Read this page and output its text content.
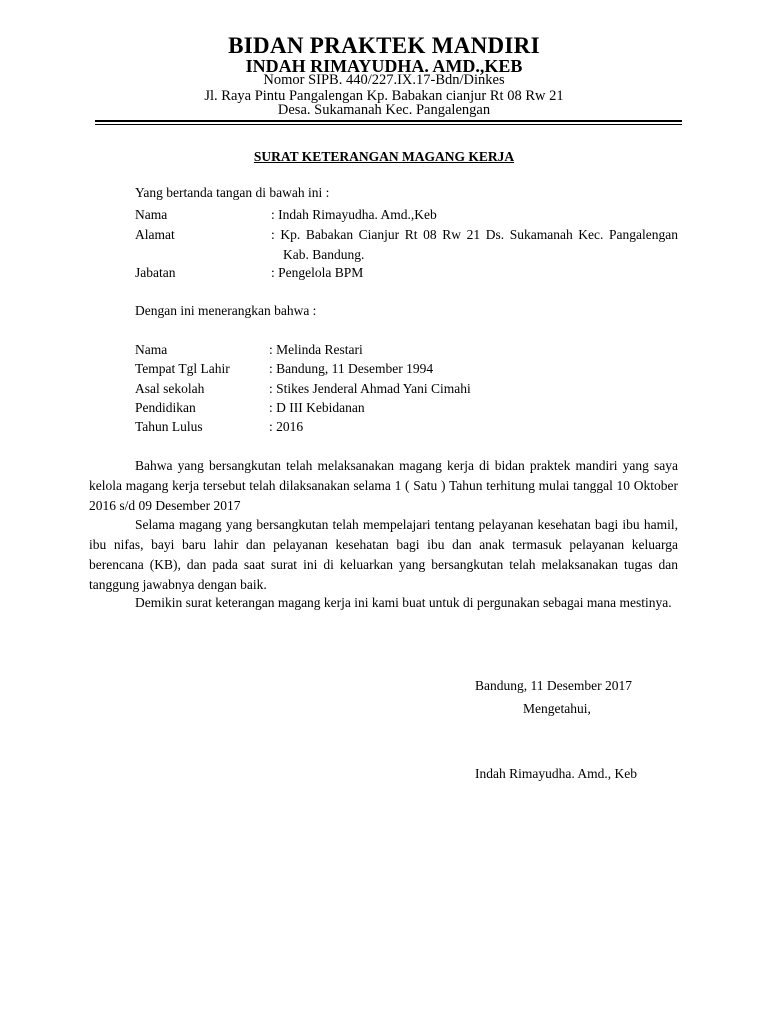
BIDAN PRAKTEK MANDIRI
INDAH RIMAYUDHA. AMD.,KEB
Nomor SIPB. 440/227.IX.17-Bdn/Dinkes
Jl. Raya Pintu Pangalengan Kp. Babakan cianjur Rt 08 Rw 21
Desa. Sukamanah Kec. Pangalengan
SURAT KETERANGAN MAGANG KERJA
Yang bertanda tangan di bawah ini :
Nama	: Indah Rimayudha. Amd.,Keb
Alamat	: Kp. Babakan Cianjur Rt 08 Rw 21 Ds. Sukamanah Kec. Pangalengan
Kab. Bandung.
Jabatan	: Pengelola BPM
Dengan ini menerangkan bahwa :
Nama	: Melinda Restari
Tempat Tgl Lahir	: Bandung, 11 Desember 1994
Asal sekolah	: Stikes Jenderal Ahmad Yani Cimahi
Pendidikan	: D III Kebidanan
Tahun Lulus	: 2016
Bahwa yang bersangkutan telah melaksanakan magang kerja di bidan praktek mandiri yang saya
kelola magang kerja tersebut telah dilaksanakan selama 1 ( Satu ) Tahun terhitung mulai tanggal 10 Oktober
2016 s/d 09 Desember 2017
Selama magang yang bersangkutan telah mempelajari tentang pelayanan kesehatan bagi ibu hamil,
ibu nifas, bayi baru lahir dan pelayanan kesehatan bagi ibu dan anak termasuk pelayanan keluarga
berencana (KB), dan pada saat surat ini di keluarkan yang bersangkutan telah melaksanakan tugas dan
tanggung jawabnya dengan baik.
Demikin surat keterangan magang kerja ini kami buat untuk di pergunakan sebagai mana mestinya.
Bandung, 11 Desember 2017
Mengetahui,
Indah Rimayudha. Amd., Keb
